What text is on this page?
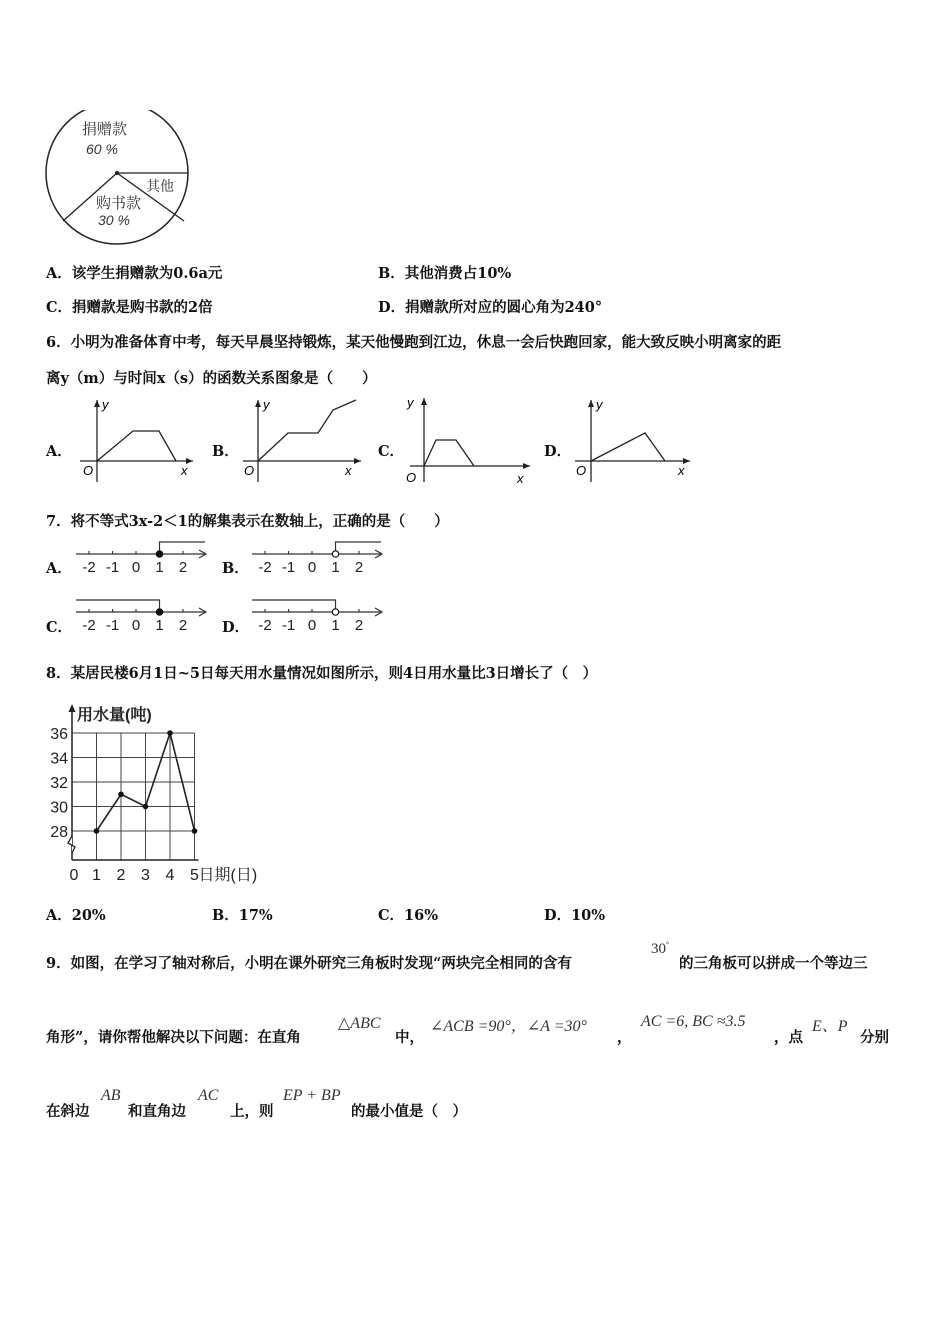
捐赠款
60 %
其他
购书款
30 %
A．该学生捐赠款为0.6a元	B．其他消费占10%
C．捐赠款是购书款的2倍	D．捐赠款所对应的圆心角为240°
6．小明为准备体育中考，每天早晨坚持锻炼，某天他慢跑到江边，休息一会后快跑回家，能大致反映小明离家的距
离y（m）与时间x（s）的函数关系图象是（　　）
A．
y
x
O
B．
y
x
O
C．
y
x
O
D．
y
x
O
7．将不等式3x-2＜1的解集表示在数轴上，正确的是（　　）
A． -2 -1 0 1 2 B． -2 -1 0 1 2
C． -2 -1 0 1 2 D． -2 -1 0 1 2
8．某居民楼6月1日~5日每天用水量情况如图所示，则4日用水量比3日增长了（　）
用水量(吨)
36
34
32
30
28
0 1 2 3 4 5 日期(日)
A．20%	B．17%	C．16%	D．10%
9．如图，在学习了轴对称后，小明在课外研究三角板时发现“两块完全相同的含有
30°
的三角板可以拼成一个等边三
角形”，请你帮他解决以下问题：在直角
△ABC
中，
∠ACB =90°，∠A =30°
，
AC =6, BC ≈3.5
，点
E、P
分别
在斜边
AB
和直角边
AC
上，则
EP + BP
的最小值是（　）
